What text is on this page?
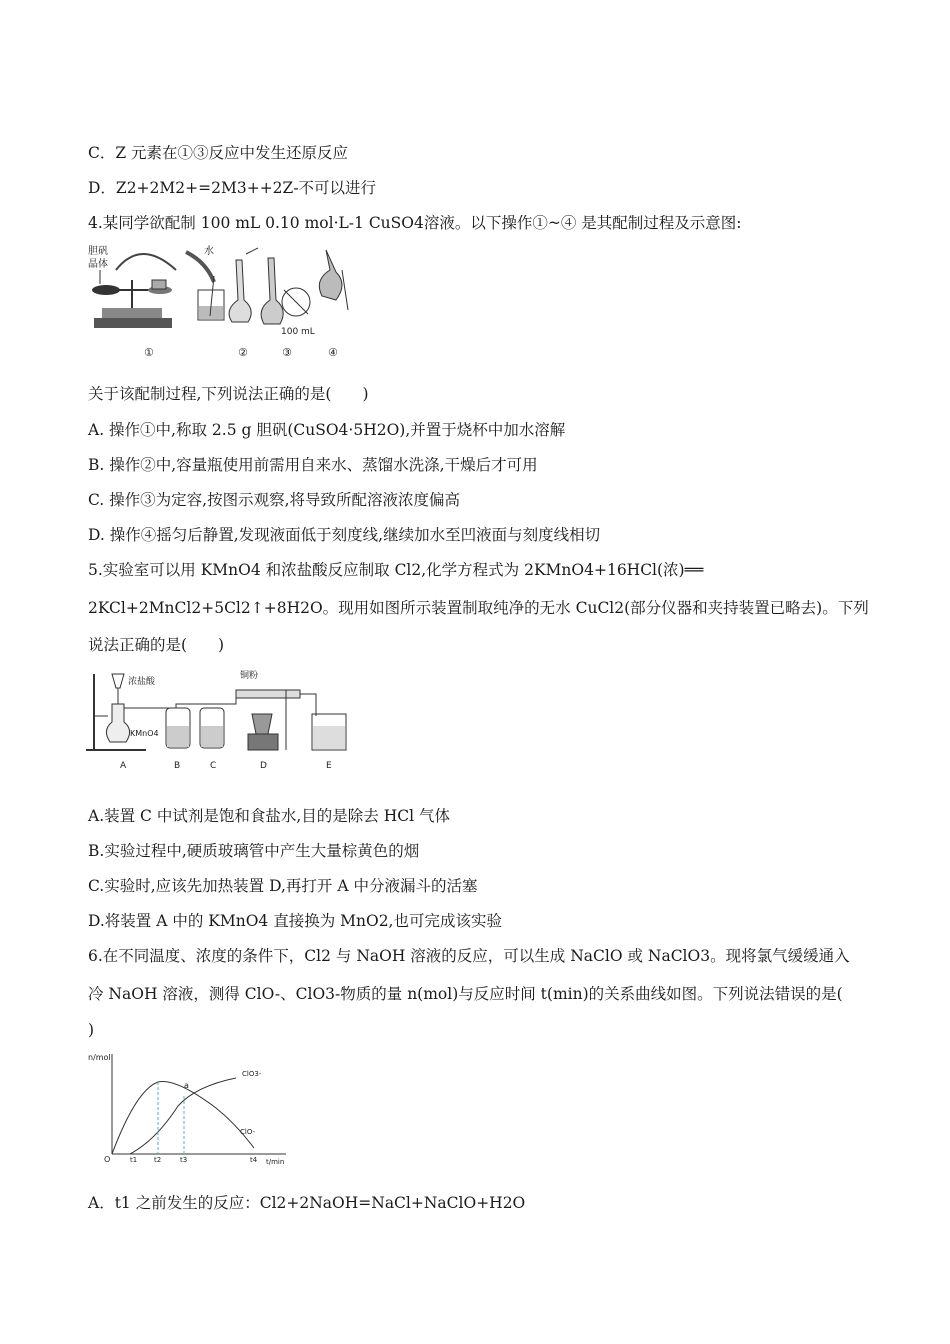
C．Z 元素在①③反应中发生还原反应
D．Z2+2M2+=2M3++2Z-不可以进行
4.某同学欲配制 100 mL 0.10 mol·L-1 CuSO4溶液。以下操作①~④ 是其配制过程及示意图:
胆矾
晶体
水
100 mL
①	②	③	④
关于该配制过程,下列说法正确的是(　　)
A. 操作①中,称取 2.5 g 胆矾(CuSO4·5H2O),并置于烧杯中加水溶解
B. 操作②中,容量瓶使用前需用自来水、蒸馏水洗涤,干燥后才可用
C. 操作③为定容,按图示观察,将导致所配溶液浓度偏高
D. 操作④摇匀后静置,发现液面低于刻度线,继续加水至凹液面与刻度线相切
5.实验室可以用 KMnO4 和浓盐酸反应制取 Cl2,化学方程式为 2KMnO4+16HCl(浓)══
2KCl+2MnCl2+5Cl2↑+8H2O。现用如图所示装置制取纯净的无水 CuCl2(部分仪器和夹持装置已略去)。下列
说法正确的是(　　)
浓盐酸
KMnO4
铜粉
A	B	C	D	E
A.装置 C 中试剂是饱和食盐水,目的是除去 HCl 气体
B.实验过程中,硬质玻璃管中产生大量棕黄色的烟
C.实验时,应该先加热装置 D,再打开 A 中分液漏斗的活塞
D.将装置 A 中的 KMnO4 直接换为 MnO2,也可完成该实验
6.在不同温度、浓度的条件下，Cl2 与 NaOH 溶液的反应，可以生成 NaClO 或 NaClO3。现将氯气缓缓通入
冷 NaOH 溶液，测得 ClO-、ClO3-物质的量 n(mol)与反应时间 t(min)的关系曲线如图。下列说法错误的是(
)
n/mol
t/min
O	t1 t2	t3	t4
a
ClO3-
ClO-
A．t1 之前发生的反应：Cl2+2NaOH=NaCl+NaClO+H2O
